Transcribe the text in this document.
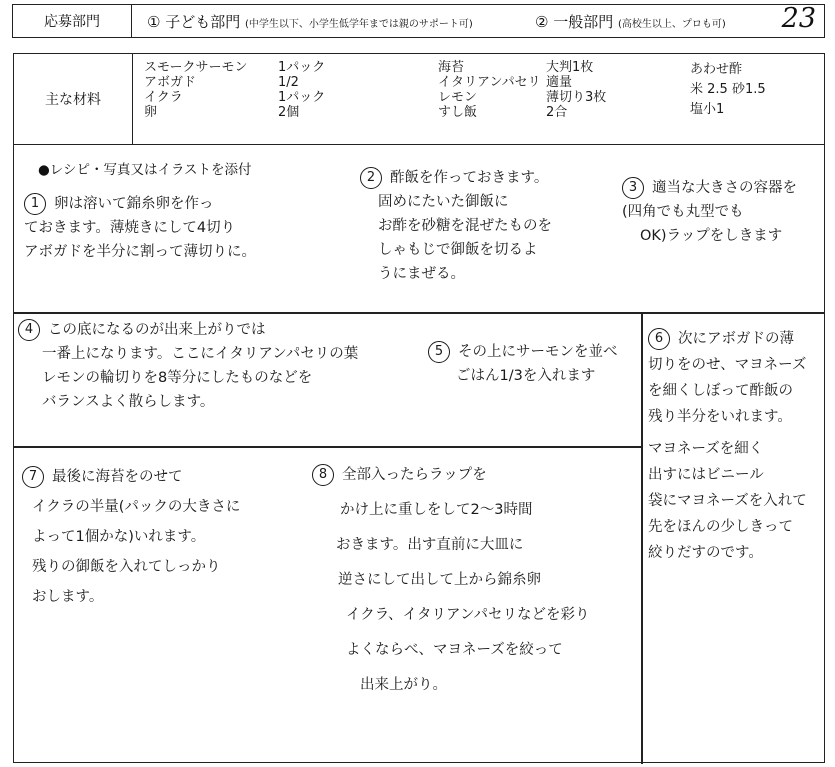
応募部門	① 子ども部門 (中学生以下、小学生低学年までは親のサポート可)	② 一般部門 (高校生以上、プロも可) 23
主な材料
スモークサーモン
アボガド
イクラ
卵
1パック
1/2
1パック
2個
海苔
イタリアンパセリ
レモン
すし飯
大判1枚
適量
薄切り3枚
2合
あわせ酢
米 2.5 砂1.5
塩小1
●レシピ・写真又はイラストを添付
1 卵は溶いて錦糸卵を作っ
ておきます。薄焼きにして4切り
アボガドを半分に割って薄切りに。
2 酢飯を作っておきます。
固めにたいた御飯に
お酢を砂糖を混ぜたものを
しゃもじで御飯を切るよ
うにまぜる。
3 適当な大きさの容器を
(四角でも丸型でも
OK)ラップをしきます
4 この底になるのが出来上がりでは
一番上になります。ここにイタリアンパセリの葉
レモンの輪切りを8等分にしたものなどを
バランスよく散らします。
5 その上にサーモンを並べ
ごはん1/3を入れます
6 次にアボガドの薄
切りをのせ、マヨネーズ
を細くしぼって酢飯の
残り半分をいれます。
マヨネーズを細く
出すにはビニール
袋にマヨネーズを入れて
先をほんの少しきって
絞りだすのです。
7 最後に海苔をのせて
イクラの半量(パックの大きさに
よって1個かな)いれます。
残りの御飯を入れてしっかり
おします。
8 全部入ったらラップを
かけ上に重しをして2〜3時間
おきます。出す直前に大皿に
逆さにして出して上から錦糸卵
イクラ、イタリアンパセリなどを彩り
よくならべ、マヨネーズを絞って
出来上がり。
